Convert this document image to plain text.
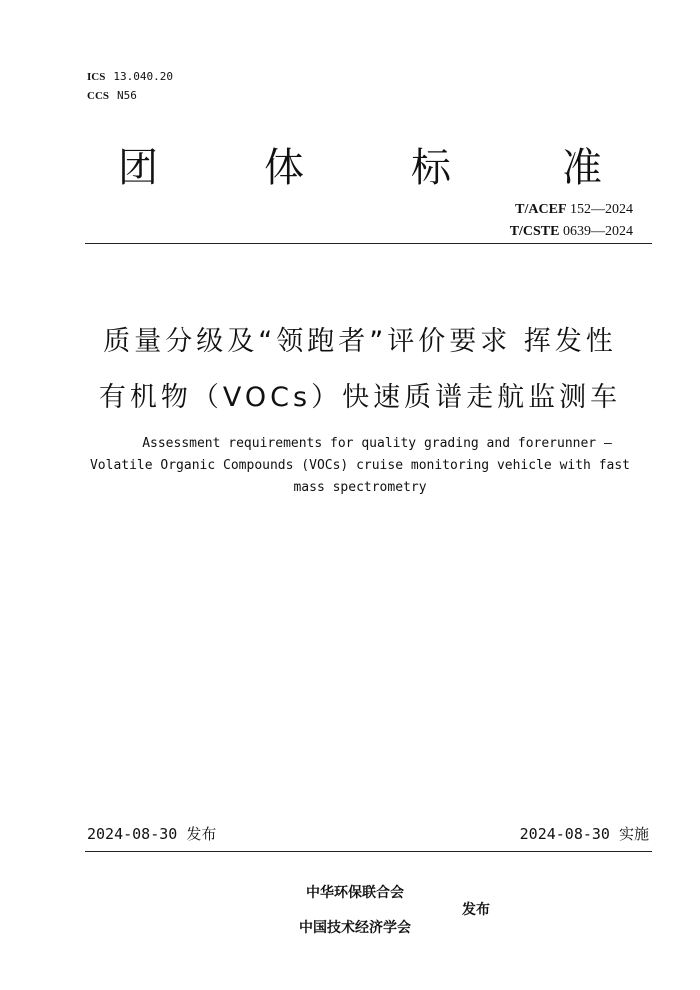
ICS 13.040.20
CCS N56
团	体	标	准
T/ACEF 152—2024
T/CSTE 0639—2024
质量分级及“领跑者”评价要求 挥发性
有机物（VOCs）快速质谱走航监测车
Assessment requirements for quality grading and forerunner —
Volatile Organic Compounds (VOCs) cruise monitoring vehicle with fast
mass spectrometry
2024-08-30 发布	2024-08-30 实施
中华环保联合会
中国技术经济学会
发布
